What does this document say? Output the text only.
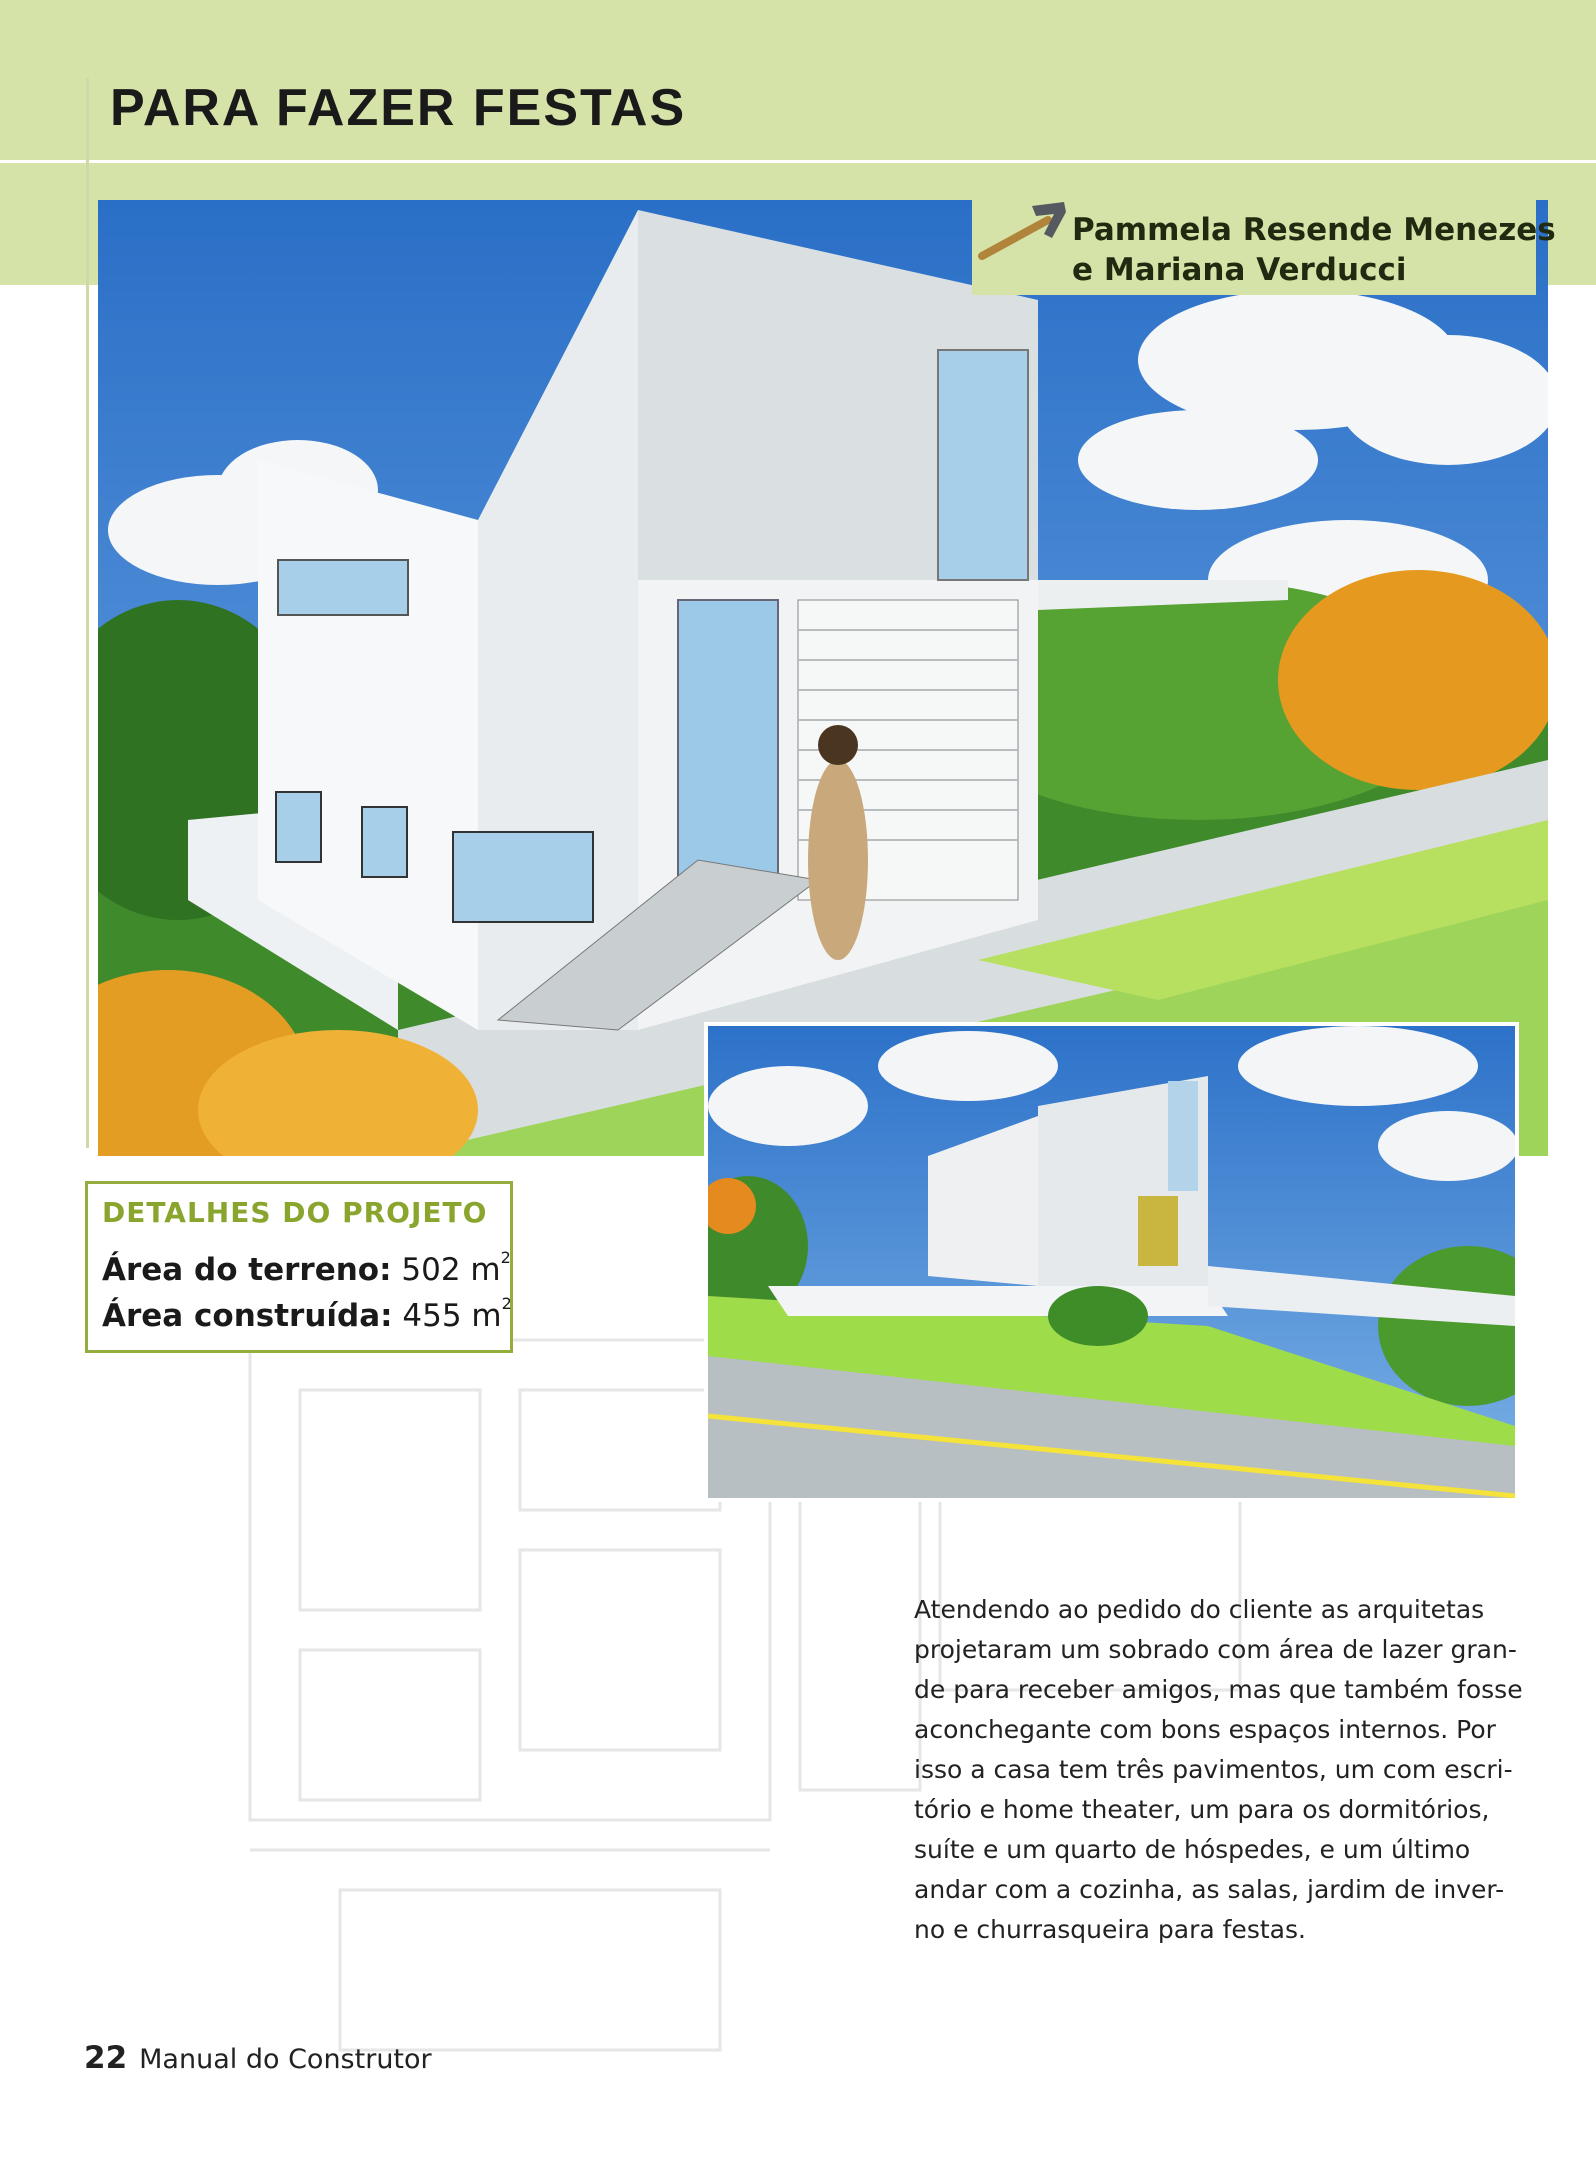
PARA FAZER FESTAS
Pammela Resende Menezes
e Mariana Verducci
DETALHES DO PROJETO
Área do terreno: 502 $m^2$
Área construída: 455 $m^2$

Atendendo ao pedido do cliente as arquitetas

projetaram um sobrado com área de lazer gran-

de para receber amigos, mas que também fosse

aconchegante com bons espaços internos. Por

isso a casa tem três pavimentos, um com escri-

tório e home theater, um para os dormitórios,

suíte e um quarto de hóspedes, e um último

andar com a cozinha, as salas, jardim de inver-

no e churrasqueira para festas.

22 Manual do Construtor
